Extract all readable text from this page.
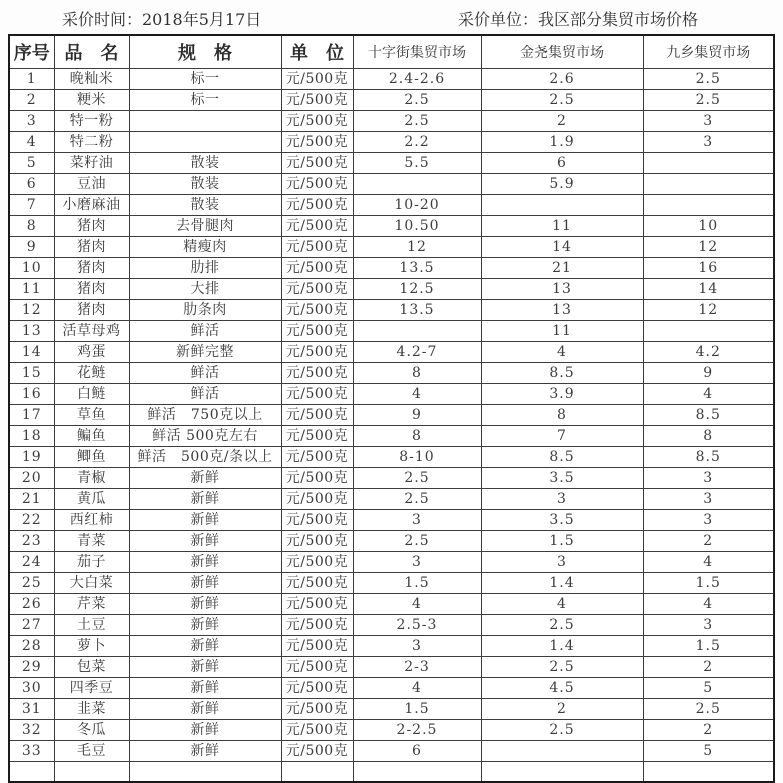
采价时间：2018年5月17日	采价单位：我区部分集贸市场价格
序号	品　名	规　格	单　位	十字街集贸市场	金尧集贸市场	九乡集贸市场
1	晚籼米	标一	元/500克	2.4-2.6	2.6	2.5
2	粳米	标一	元/500克	2.5	2.5	2.5
3	特一粉		元/500克	2.5	2	3
4	特二粉		元/500克	2.2	1.9	3
5	菜籽油	散装	元/500克	5.5	6	
6	豆油	散装	元/500克		5.9	
7	小磨麻油	散装	元/500克	10-20		
8	猪肉	去骨腿肉	元/500克	10.50	11	10
9	猪肉	精瘦肉	元/500克	12	14	12
10	猪肉	肋排	元/500克	13.5	21	16
11	猪肉	大排	元/500克	12.5	13	14
12	猪肉	肋条肉	元/500克	13.5	13	12
13	活草母鸡	鲜活	元/500克		11	
14	鸡蛋	新鲜完整	元/500克	4.2-7	4	4.2
15	花鲢	鲜活	元/500克	8	8.5	9
16	白鲢	鲜活	元/500克	4	3.9	4
17	草鱼	鲜活　750克以上	元/500克	9	8	8.5
18	鳊鱼	鲜活 500克左右	元/500克	8	7	8
19	鲫鱼	鲜活　500克/条以上	元/500克	8-10	8.5	8.5
20	青椒	新鲜	元/500克	2.5	3.5	3
21	黄瓜	新鲜	元/500克	2.5	3	3
22	西红柿	新鲜	元/500克	3	3.5	3
23	青菜	新鲜	元/500克	2.5	1.5	2
24	茄子	新鲜	元/500克	3	3	4
25	大白菜	新鲜	元/500克	1.5	1.4	1.5
26	芹菜	新鲜	元/500克	4	4	4
27	土豆	新鲜	元/500克	2.5-3	2.5	3
28	萝卜	新鲜	元/500克	3	1.4	1.5
29	包菜	新鲜	元/500克	2-3	2.5	2
30	四季豆	新鲜	元/500克	4	4.5	5
31	韭菜	新鲜	元/500克	1.5	2	2.5
32	冬瓜	新鲜	元/500克	2-2.5	2.5	2
33	毛豆	新鲜	元/500克	6		5
